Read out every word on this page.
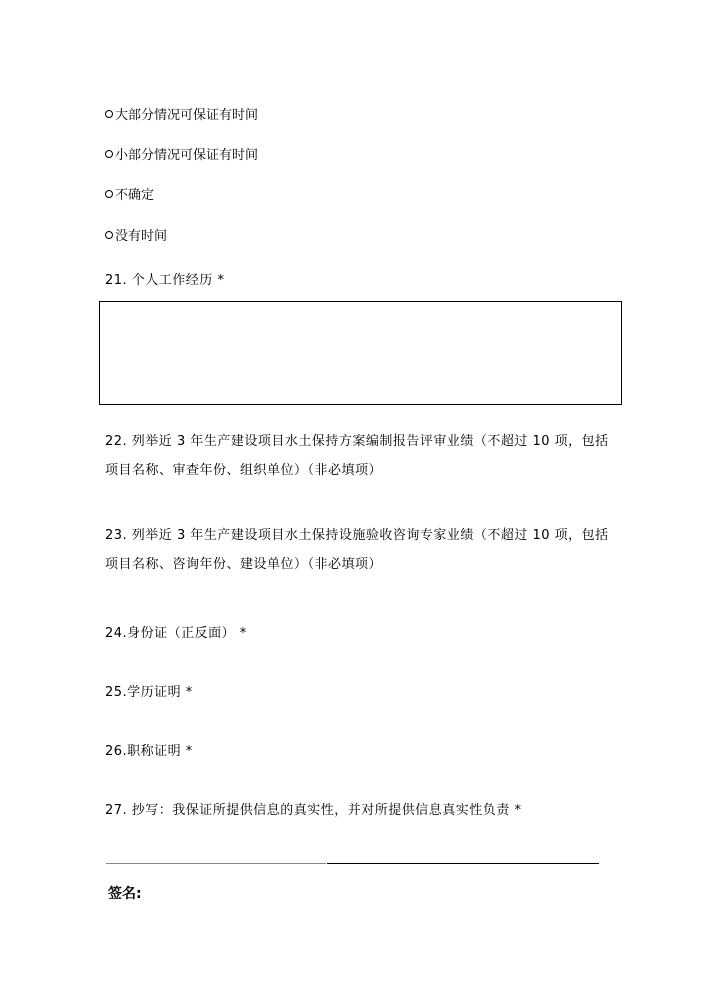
大部分情况可保证有时间
小部分情况可保证有时间
不确定
没有时间
21. 个人工作经历 *
22. 列举近 3 年生产建设项目水土保持方案编制报告评审业绩（不超过 10 项，包括
项目名称、审查年份、组织单位）（非必填项）
23. 列举近 3 年生产建设项目水土保持设施验收咨询专家业绩（不超过 10 项，包括
项目名称、咨询年份、建设单位）（非必填项）
24.身份证（正反面） *
25.学历证明 *
26.职称证明 *
27. 抄写：我保证所提供信息的真实性，并对所提供信息真实性负责 *
签名:
